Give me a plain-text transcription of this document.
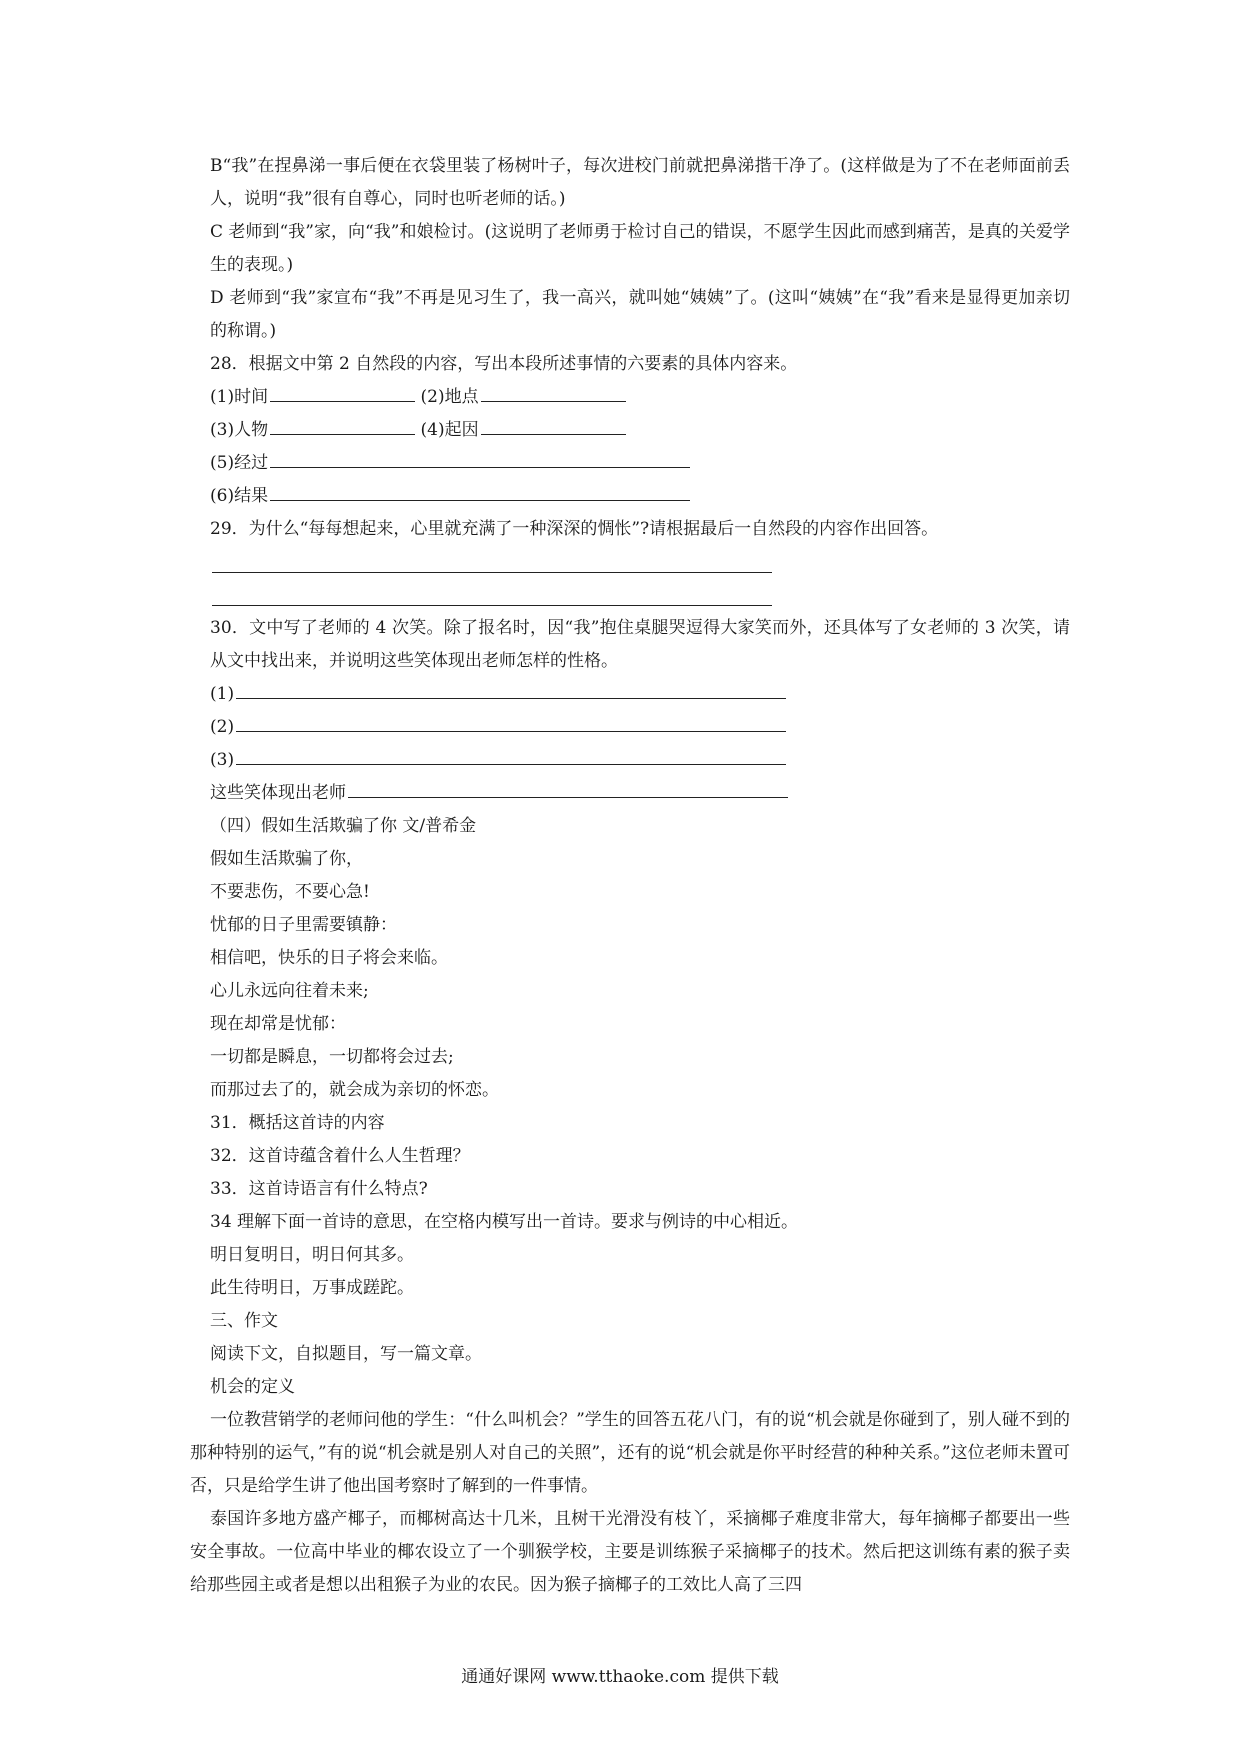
B“我”在捏鼻涕一事后便在衣袋里装了杨树叶子，每次进校门前就把鼻涕揩干净了。(这样做是为了不在老师面前丢人，说明“我”很有自尊心，同时也听老师的话。)
C 老师到“我”家，向“我”和娘检讨。(这说明了老师勇于检讨自己的错误，不愿学生因此而感到痛苦，是真的关爱学生的表现。)
D 老师到“我”家宣布“我”不再是见习生了，我一高兴，就叫她“姨姨”了。(这叫“姨姨”在“我”看来是显得更加亲切的称谓。)
28．根据文中第 2 自然段的内容，写出本段所述事情的六要素的具体内容来。
(1)时间	(2)地点
(3)人物	(4)起因
(5)经过
(6)结果
29．为什么“每每想起来，心里就充满了一种深深的惆怅”?请根据最后一自然段的内容作出回答。
30．文中写了老师的 4 次笑。除了报名时，因“我”抱住桌腿哭逗得大家笑而外，还具体写了女老师的 3 次笑，请从文中找出来，并说明这些笑体现出老师怎样的性格。
(1)
(2)
(3)
这些笑体现出老师
（四）假如生活欺骗了你 文/普希金
假如生活欺骗了你，
不要悲伤，不要心急!
忧郁的日子里需要镇静：
相信吧，快乐的日子将会来临。
心儿永远向往着未来;
现在却常是忧郁：
一切都是瞬息，一切都将会过去;
而那过去了的，就会成为亲切的怀恋。
31．概括这首诗的内容
32．这首诗蕴含着什么人生哲理？
33．这首诗语言有什么特点?
34 理解下面一首诗的意思，在空格内模写出一首诗。要求与例诗的中心相近。
明日复明日，明日何其多。
此生待明日，万事成蹉跎。
三、作文
阅读下文，自拟题目，写一篇文章。
机会的定义
一位教营销学的老师问他的学生：“什么叫机会？”学生的回答五花八门，有的说“机会就是你碰到了，别人碰不到的那种特别的运气，”有的说“机会就是别人对自己的关照”，还有的说“机会就是你平时经营的种种关系。”这位老师未置可否，只是给学生讲了他出国考察时了解到的一件事情。
泰国许多地方盛产椰子，而椰树高达十几米，且树干光滑没有枝丫，采摘椰子难度非常大，每年摘椰子都要出一些安全事故。一位高中毕业的椰农设立了一个驯猴学校，主要是训练猴子采摘椰子的技术。然后把这训练有素的猴子卖给那些园主或者是想以出租猴子为业的农民。因为猴子摘椰子的工效比人高了三四
通通好课网 www.tthaoke.com 提供下载
